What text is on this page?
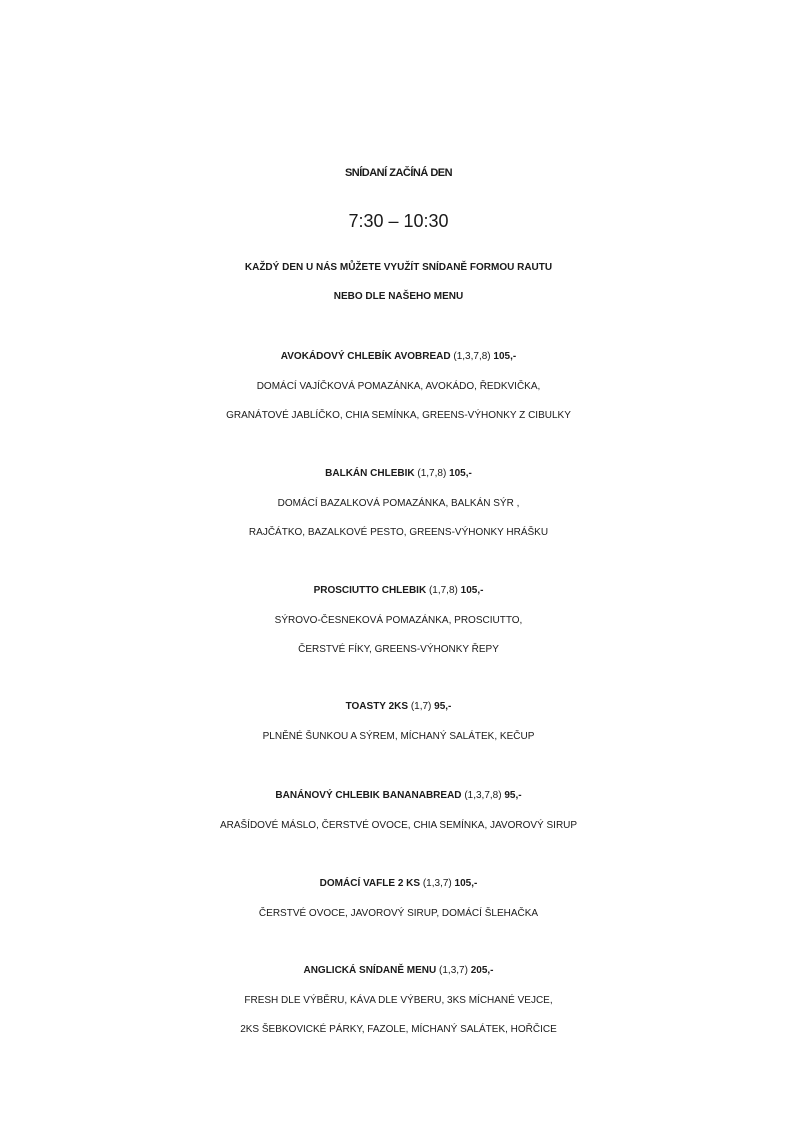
SNÍDANÍ ZAČÍNÁ DEN
7:30 – 10:30
KAŽDÝ DEN U NÁS MŮŽETE VYUŽÍT SNÍDANĚ FORMOU RAUTU
NEBO DLE NAŠEHO MENU
AVOKÁDOVÝ CHLEBÍK AVOBREAD (1,3,7,8) 105,-
DOMÁCÍ VAJÍČKOVÁ POMAZÁNKA, AVOKÁDO, ŘEDKVIČKA,
GRANÁTOVÉ JABLÍČKO, CHIA SEMÍNKA, GREENS-VÝHONKY Z CIBULKY
BALKÁN CHLEBIK (1,7,8) 105,-
DOMÁCÍ BAZALKOVÁ POMAZÁNKA, BALKÁN SÝR ,
RAJČÁTKO, BAZALKOVÉ PESTO, GREENS-VÝHONKY HRÁŠKU
PROSCIUTTO CHLEBIK (1,7,8) 105,-
SÝROVO-ČESNEKOVÁ POMAZÁNKA, PROSCIUTTO,
ČERSTVÉ FÍKY, GREENS-VÝHONKY ŘEPY
TOASTY 2KS (1,7) 95,-
PLNĚNÉ ŠUNKOU A SÝREM, MÍCHANÝ SALÁTEK, KEČUP
BANÁNOVÝ CHLEBIK BANANABREAD (1,3,7,8) 95,-
ARAŠÍDOVÉ MÁSLO, ČERSTVÉ OVOCE, CHIA SEMÍNKA, JAVOROVÝ SIRUP
DOMÁCÍ VAFLE 2 KS (1,3,7) 105,-
ČERSTVÉ OVOCE, JAVOROVÝ SIRUP, DOMÁCÍ ŠLEHAČKA
ANGLICKÁ SNÍDANĚ MENU (1,3,7) 205,-
FRESH DLE VÝBĚRU, KÁVA DLE VÝBERU, 3KS MÍCHANÉ VEJCE,
2KS ŠEBKOVICKÉ PÁRKY, FAZOLE, MÍCHANÝ SALÁTEK, HOŘČICE
